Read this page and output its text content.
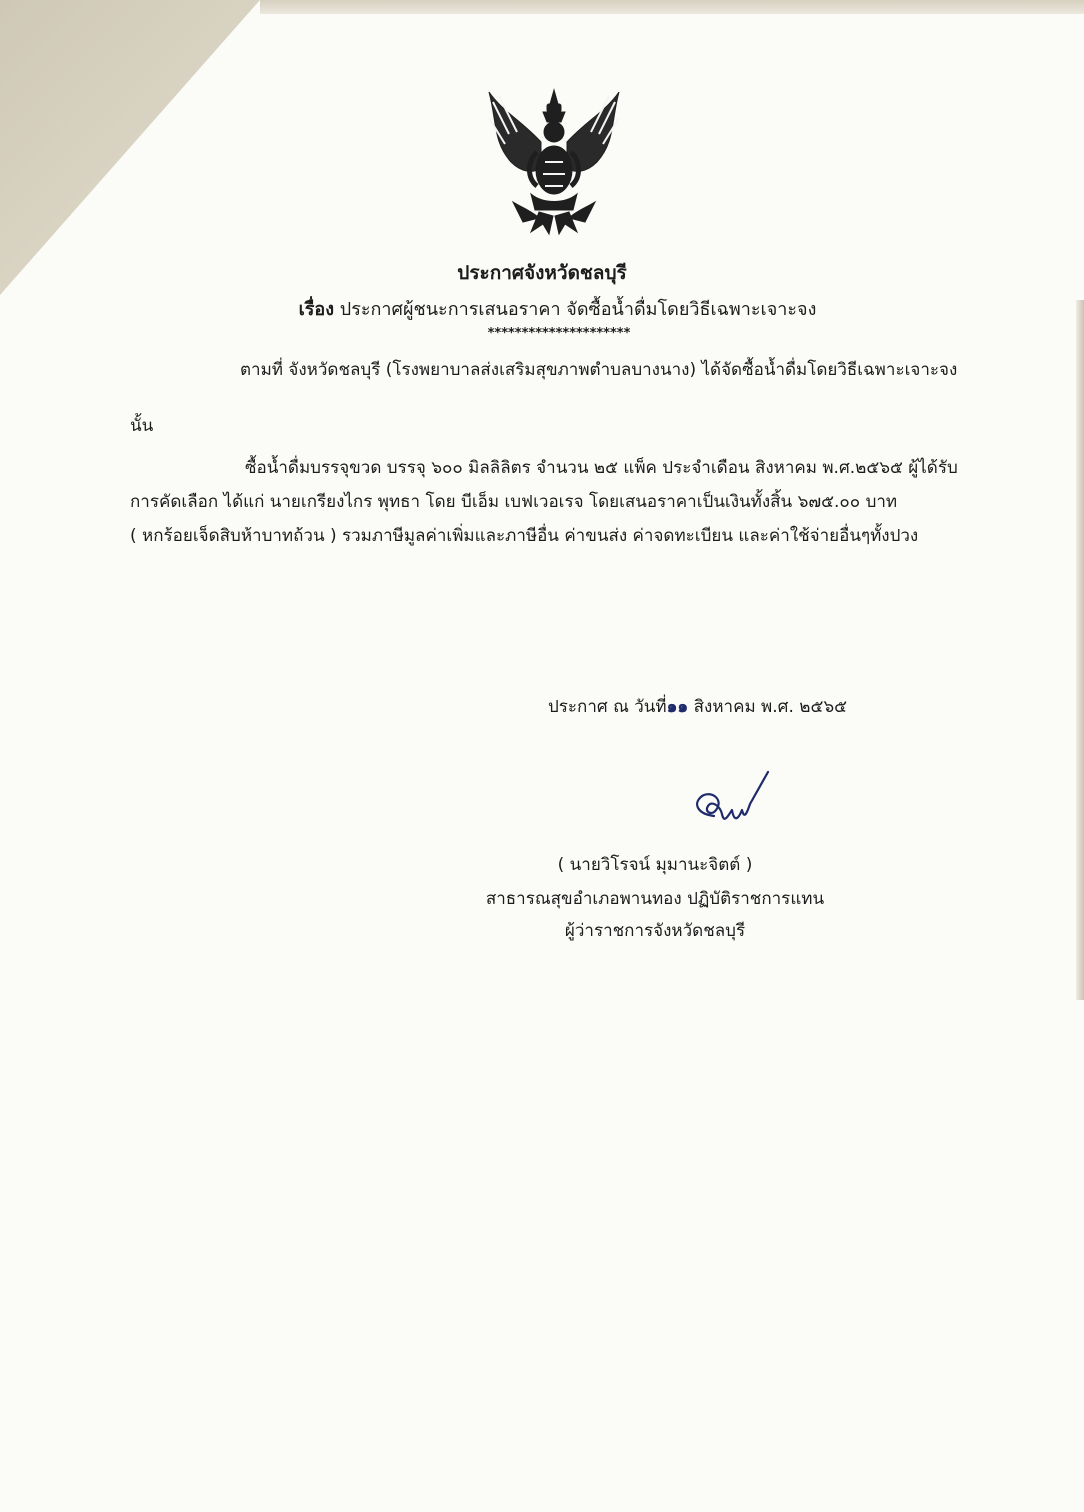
ประกาศจังหวัดชลบุรี
เรื่อง ประกาศผู้ชนะการเสนอราคา จัดซื้อน้ำดื่มโดยวิธีเฉพาะเจาะจง
*********************
ตามที่ จังหวัดชลบุรี (โรงพยาบาลส่งเสริมสุขภาพตำบลบางนาง) ได้จัดซื้อน้ำดื่มโดยวิธีเฉพาะเจาะจง
นั้น
ซื้อน้ำดื่มบรรจุขวด บรรจุ ๖๐๐ มิลลิลิตร จำนวน ๒๕ แพ็ค ประจำเดือน สิงหาคม พ.ศ.๒๕๖๕ ผู้ได้รับ
การคัดเลือก ได้แก่ นายเกรียงไกร พุทธา โดย บีเอ็ม เบฟเวอเรจ โดยเสนอราคาเป็นเงินทั้งสิ้น ๖๗๕.๐๐ บาท
( หกร้อยเจ็ดสิบห้าบาทถ้วน ) รวมภาษีมูลค่าเพิ่มและภาษีอื่น ค่าขนส่ง ค่าจดทะเบียน และค่าใช้จ่ายอื่นๆทั้งปวง
ประกาศ ณ วันที่๑๑ สิงหาคม พ.ศ. ๒๕๖๕
( นายวิโรจน์ มุมานะจิตต์ )
สาธารณสุขอำเภอพานทอง ปฏิบัติราชการแทน
ผู้ว่าราชการจังหวัดชลบุรี
